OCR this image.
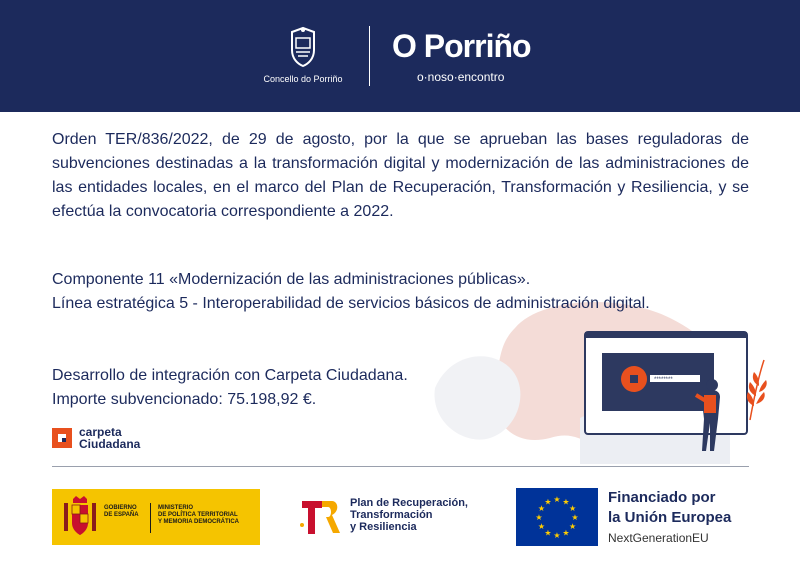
Concello do Porriño
O Porriño
o·noso·encontro
********
Orden TER/836/2022, de 29 de agosto, por la que se aprueban las bases reguladoras de subvenciones destinadas a la transformación digital y modernización de las administraciones de las entidades locales, en el marco del Plan de Recuperación, Transformación y Resiliencia, y se efectúa la convocatoria correspondiente a 2022.
Componente 11 «Modernización de las administraciones públicas».
Línea estratégica 5 - Interoperabilidad de servicios básicos de administración digital.
Desarrollo de integración con Carpeta Ciudadana.
Importe subvencionado: 75.198,92 €.
carpeta
Ciudadana
GOBIERNO
DE ESPAÑA
MINISTERIO
DE POLÍTICA TERRITORIAL
Y MEMORIA DEMOCRÁTICA
Plan de Recuperación,
Transformación
y Resiliencia
★ ★
★
★
★
★
★
★
★
★
★
★	Financiado por
la Unión Europea
NextGenerationEU
